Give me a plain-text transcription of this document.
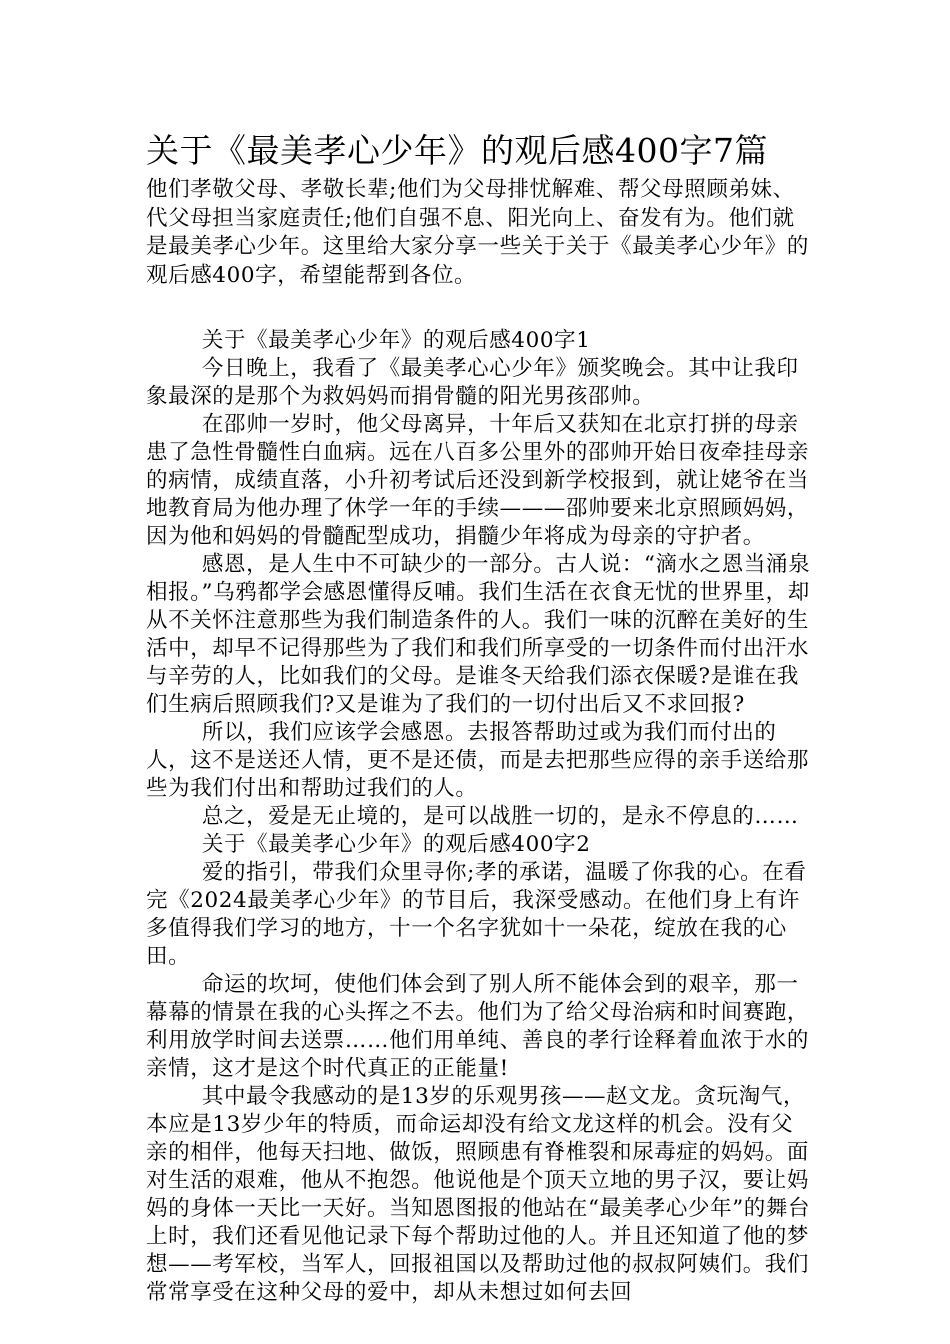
关于《最美孝心少年》的观后感400字7篇

他们孝敬父母、孝敬长辈;他们为父母排忧解难、帮父母照顾弟妹、代父母担当家庭责任;他们自强不息、阳光向上、奋发有为。他们就是最美孝心少年。这里给大家分享一些关于关于《最美孝心少年》的观后感400字，希望能帮到各位。

关于《最美孝心少年》的观后感400字1

今日晚上，我看了《最美孝心心少年》颁奖晚会。其中让我印象最深的是那个为救妈妈而捐骨髓的阳光男孩邵帅。

在邵帅一岁时，他父母离异，十年后又获知在北京打拼的母亲患了急性骨髓性白血病。远在八百多公里外的邵帅开始日夜牵挂母亲的病情，成绩直落，小升初考试后还没到新学校报到，就让姥爷在当地教育局为他办理了休学一年的手续———邵帅要来北京照顾妈妈，因为他和妈妈的骨髓配型成功，捐髓少年将成为母亲的守护者。

感恩，是人生中不可缺少的一部分。古人说：“滴水之恩当涌泉相报。”乌鸦都学会感恩懂得反哺。我们生活在衣食无忧的世界里，却从不关怀注意那些为我们制造条件的人。我们一味的沉醉在美好的生活中，却早不记得那些为了我们和我们所享受的一切条件而付出汗水与辛劳的人，比如我们的父母。是谁冬天给我们添衣保暖?是谁在我们生病后照顾我们?又是谁为了我们的一切付出后又不求回报?

所以，我们应该学会感恩。去报答帮助过或为我们而付出的人，这不是送还人情，更不是还债，而是去把那些应得的亲手送给那些为我们付出和帮助过我们的人。

总之，爱是无止境的，是可以战胜一切的，是永不停息的……

关于《最美孝心少年》的观后感400字2

爱的指引，带我们众里寻你;孝的承诺，温暖了你我的心。在看完《2024最美孝心少年》的节目后，我深受感动。在他们身上有许多值得我们学习的地方，十一个名字犹如十一朵花，绽放在我的心田。

命运的坎坷，使他们体会到了别人所不能体会到的艰辛，那一幕幕的情景在我的心头挥之不去。他们为了给父母治病和时间赛跑，利用放学时间去送票……他们用单纯、善良的孝行诠释着血浓于水的亲情，这才是这个时代真正的正能量!

其中最令我感动的是13岁的乐观男孩——赵文龙。贪玩淘气，本应是13岁少年的特质，而命运却没有给文龙这样的机会。没有父亲的相伴，他每天扫地、做饭，照顾患有脊椎裂和尿毒症的妈妈。面对生活的艰难，他从不抱怨。他说他是个顶天立地的男子汉，要让妈妈的身体一天比一天好。当知恩图报的他站在“最美孝心少年”的舞台上时，我们还看见他记录下每个帮助过他的人。并且还知道了他的梦想——考军校，当军人，回报祖国以及帮助过他的叔叔阿姨们。我们常常享受在这种父母的爱中，却从未想过如何去回
